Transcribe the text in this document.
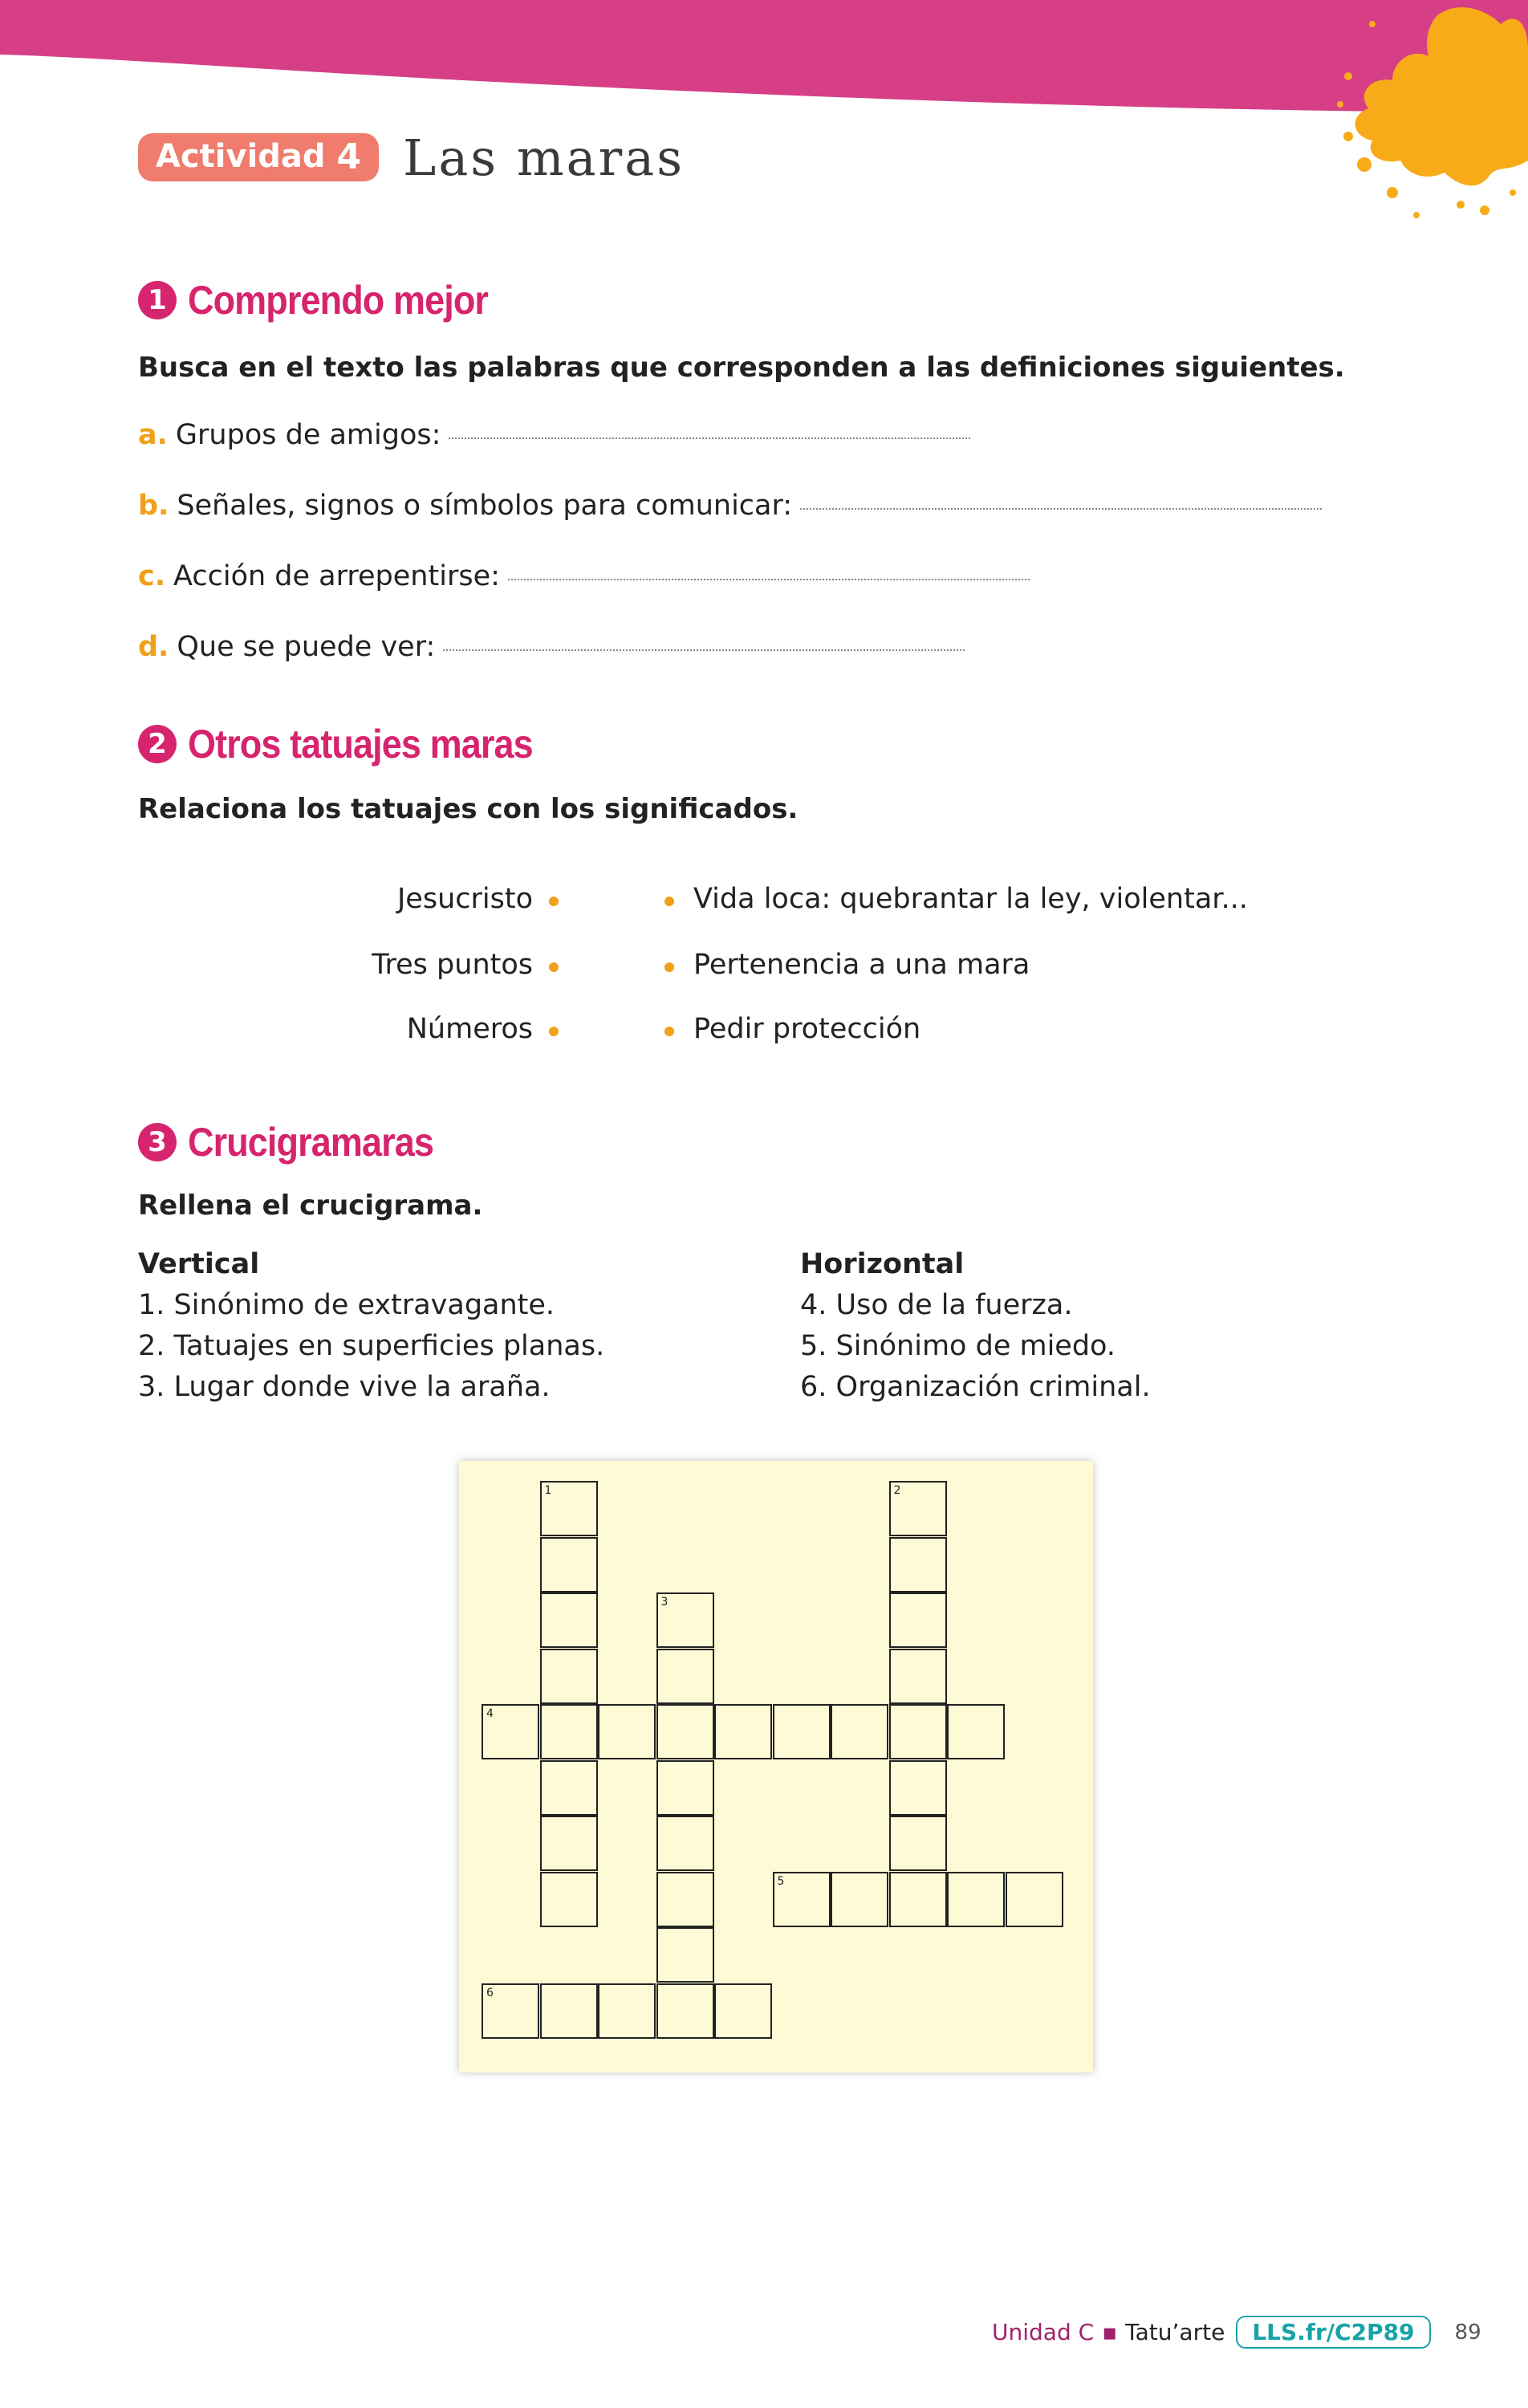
Actividad 4 Las maras
1 Comprendo mejor
Busca en el texto las palabras que corresponden a las definiciones siguientes.
a. Grupos de amigos:
b. Señales, signos o símbolos para comunicar:
c. Acción de arrepentirse:
d. Que se puede ver:
2 Otros tatuajes maras
Relaciona los tatuajes con los significados.
Jesucristo
Tres puntos
Números
Vida loca: quebrantar la ley, violentar...
Pertenencia a una mara
Pedir protección
3 Crucigramaras
Rellena el crucigrama.
Vertical
1. Sinónimo de extravagante.
2. Tatuajes en superficies planas.
3. Lugar donde vive la araña.
Horizontal
4. Uso de la fuerza.
5. Sinónimo de miedo.
6. Organización criminal.
1	2
3
4
5
6
Unidad C ▪ Tatu’arte	LLS.fr/C2P89	89
